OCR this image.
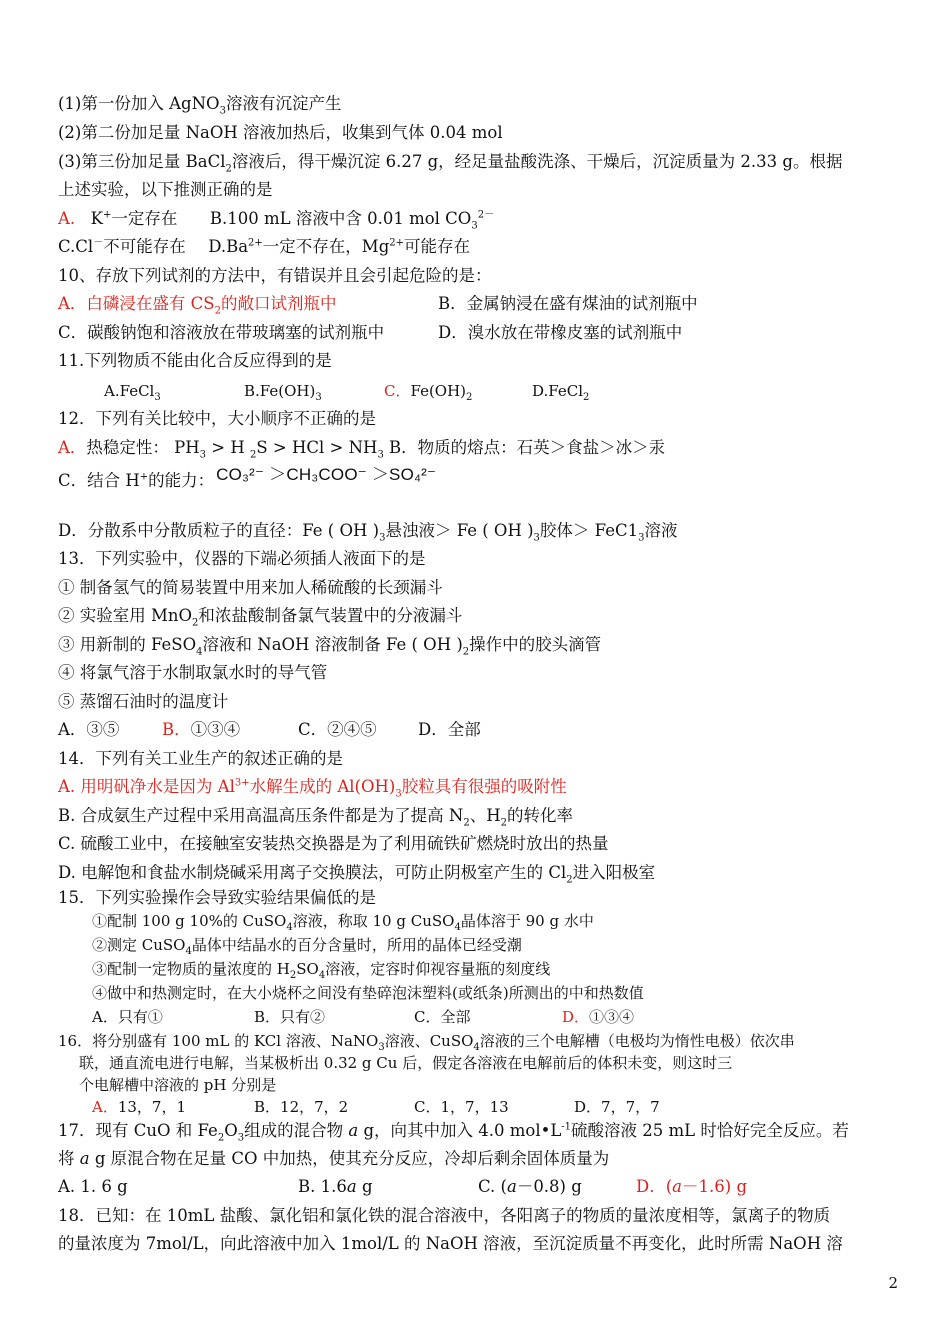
(1)第一份加入 AgNO$_3$溶液有沉淀产生
(2)第二份加足量 NaOH 溶液加热后，收集到气体 0.04 mol
(3)第三份加足量 BaCl$_2$溶液后，得干燥沉淀 6.27 g，经足量盐酸洗涤、干燥后，沉淀质量为 2.33 g。根据
上述实验，以下推测正确的是
A. K+一定存在 B.100 mL 溶液中含 0.01 mol $CO_3^{2-}$
C.Cl－不可能存在 $D.Ba^{2+}$一定不存在，$Mg^{2+}$可能存在
10、存放下列试剂的方法中，有错误并且会引起危险的是：
A．白磷浸在盛有 $CS_2$的敞口试剂瓶中	B．金属钠浸在盛有煤油的试剂瓶中
C．碳酸钠饱和溶液放在带玻璃塞的试剂瓶中	D．溴水放在带橡皮塞的试剂瓶中
11.下列物质不能由化合反应得到的是
A.FeCl$_3$	$B.Fe(OH)_3$	C．$Fe(OH)_2$	D.FeCl$_2$
12．下列有关比较中，大小顺序不正确的是
A．热稳定性： $PH_3 > H$ $_2$S > HCl > $NH_3$ B．物质的熔点：石英＞食盐＞冰＞汞
C．结合 H+的能力： CO₃²⁻ ＞CH₃COO⁻ ＞SO₄²⁻
D．分散系中分散质粒子的直径：Fe ( OH )$_3$悬浊液＞ Fe ( OH )$_3$胶体＞ $FeC1_3$溶液
13．下列实验中，仪器的下端必须插人液面下的是
① 制备氢气的简易装置中用来加人稀硫酸的长颈漏斗
② 实验室用 MnO$_2$和浓盐酸制备氯气装置中的分液漏斗
③ 用新制的 FeSO$_4$溶液和 NaOH 溶液制备 Fe ( OH )$_2$操作中的胶头滴管
④ 将氯气溶于水制取氯水时的导气管
⑤ 蒸馏石油时的温度计
A．③⑤	B．①③④	C．②④⑤	D．全部
14．下列有关工业生产的叙述正确的是
A. 用明矾净水是因为 $Al^{3+}$水解生成的 $Al(OH)_3$胶粒具有很强的吸附性
B. 合成氨生产过程中采用高温高压条件都是为了提高 $N_2$、$H_2$的转化率
C. 硫酸工业中，在接触室安装热交换器是为了利用硫铁矿燃烧时放出的热量
D. 电解饱和食盐水制烧碱采用离子交换膜法，可防止阴极室产生的 $Cl_2$进入阳极室
15．下列实验操作会导致实验结果偏低的是
①配制 100 g 10%的 CuSO$_4$溶液，称取 10 g CuSO$_4$晶体溶于 90 g 水中
②测定 CuSO$_4$晶体中结晶水的百分含量时，所用的晶体已经受潮
③配制一定物质的量浓度的 $H_2SO_4$溶液，定容时仰视容量瓶的刻度线
④做中和热测定时，在大小烧杯之间没有垫碎泡沫塑料(或纸条)所测出的中和热数值
A．只有①	B．只有②	C．全部	D．①③④
16．将分别盛有 100 mL 的 KCl 溶液、NaNO$_3$溶液、CuSO$_4$溶液的三个电解槽（电极均为惰性电极）依次串
联，通直流电进行电解，当某极析出 0.32 g Cu 后，假定各溶液在电解前后的体积未变，则这时三
个电解槽中溶液的 pH 分别是
A．13，7，1	B．12，7，2	C．1，7，13	D．7，7，7
17．现有 CuO 和 $Fe_2O_3$组成的混合物 a g，向其中加入 4.0 $mol•L^{-1}$硫酸溶液 25 mL 时恰好完全反应。若
将 a g 原混合物在足量 CO 中加热，使其充分反应，冷却后剩余固体质量为
A. 1. 6 g	B. 1.6a g	C. (a－0.8) g	D．(a－1.6) g
18．已知：在 10mL 盐酸、氯化铝和氯化铁的混合溶液中，各阳离子的物质的量浓度相等，氯离子的物质
的量浓度为 7mol/L，向此溶液中加入 1mol/L 的 NaOH 溶液，至沉淀质量不再变化，此时所需 NaOH 溶
2
